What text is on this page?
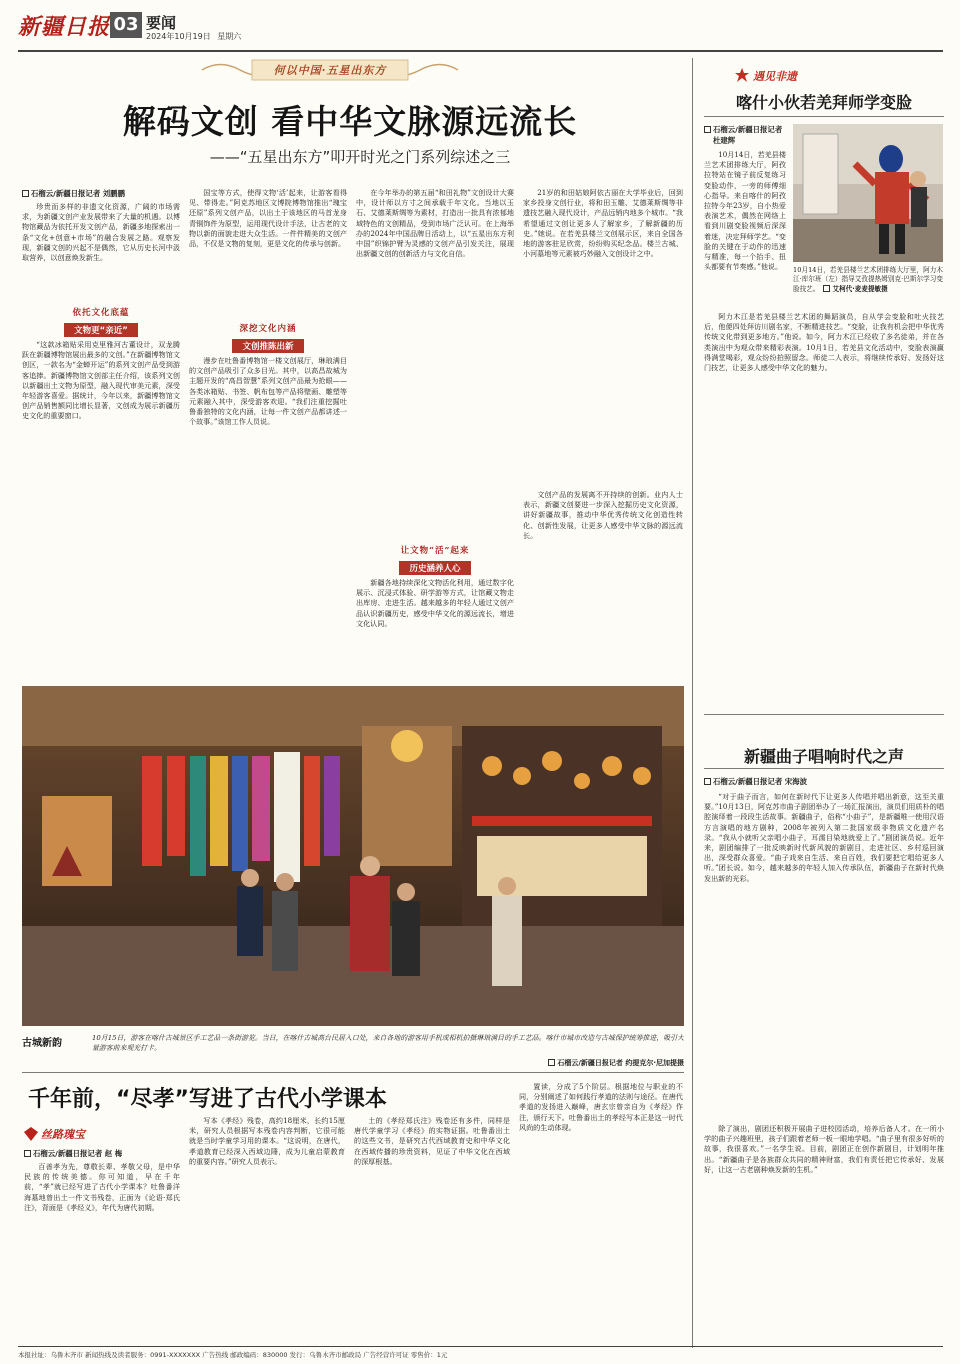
新疆日报 03 要闻
2024年10月19日 星期六
何以中国·五星出东方
解码文创 看中华文脉源远流长
——“五星出东方”叩开时光之门系列综述之三
石榴云/新疆日报记者 刘鹏鹏

珍贵而多样的非遗文化资源，广阔的市场需求，为新疆文创产业发展带来了大量的机遇。以博物馆藏品为依托开发文创产品，新疆多地探索出一条“文化+创意+市场”的融合发展之路。观察发现，新疆文创的兴起不是偶然，它从历史长河中汲取营养，以创意焕发新生。

依托文化底蕴
文物更“亲近”

“这款冰箱贴采用克里雅河古董设计，双龙腾跃在新疆博物馆展出最多的文创。”在新疆博物馆文创区，一款名为“金蝉开运”的系列文创产品受到游客追捧。新疆博物馆文创部主任介绍，该系列文创以新疆出土文物为原型，融入现代审美元素，深受年轻游客喜爱。据统计，今年以来，新疆博物馆文创产品销售额同比增长显著，文创成为展示新疆历史文化的重要窗口。

国宝等方式，使得文物‘活’起来，让游客看得见、带得走。”阿克苏地区文博院博物馆推出“瑰宝还原”系列文创产品，以出土于该地区的马首龙身青铜饰件为原型，运用现代设计手法，让古老的文物以新的面貌走进大众生活。一件件精美的文创产品，不仅是文物的复刻，更是文化的传承与创新。

深挖文化内涵
文创推陈出新

漫步在吐鲁番博物馆一楼文创展厅，琳琅满目的文创产品吸引了众多目光。其中，以高昌故城为主题开发的“高昌智慧”系列文创产品最为抢眼——各类冰箱贴、书签、帆布包等产品将壁画、雕塑等元素融入其中，深受游客欢迎。“我们注重挖掘吐鲁番独特的文化内涵，让每一件文创产品都讲述一个故事。”该馆工作人员说。

在今年举办的第五届“和田礼物”文创设计大赛中，设计师以方寸之间承载千年文化。当地以玉石、艾德莱斯绸等为素材，打造出一批具有浓郁地域特色的文创精品，受到市场广泛认可。在上海举办的2024年中国品牌日活动上，以“五星出东方利中国”织锦护臂为灵感的文创产品引发关注，展现出新疆文创的创新活力与文化自信。

让文物“活”起来
历史涵养人心

新疆各地持续深化文物活化利用，通过数字化展示、沉浸式体验、研学游等方式，让馆藏文物走出库房、走进生活。越来越多的年轻人通过文创产品认识新疆历史，感受中华文化的源远流长，增进文化认同。

21岁的和田姑娘阿依古丽在大学毕业后，回到家乡投身文创行业，将和田玉雕、艾德莱斯绸等非遗技艺融入现代设计，产品远销内地多个城市。“我希望通过文创让更多人了解家乡，了解新疆的历史。”她说。在若羌县楼兰文创展示区，来自全国各地的游客驻足欣赏，纷纷购买纪念品。楼兰古城、小河墓地等元素被巧妙融入文创设计之中。

文创产品的发展离不开持续的创新。业内人士表示，新疆文创要进一步深入挖掘历史文化资源，讲好新疆故事，推动中华优秀传统文化创造性转化、创新性发展，让更多人感受中华文脉的源远流长。

遇见非遗
喀什小伙若羌拜师学变脸
石榴云/新疆日报记者
杜建辉

10月14日，若羌县楼兰艺术团排练大厅，阿孜拉特站在镜子前反复练习变脸动作，一旁的师傅细心指导。来自喀什的阿孜拉特今年23岁，自小热爱表演艺术，偶然在网络上看到川剧变脸视频后深深着迷，决定拜师学艺。“变脸的关键在于动作的迅速与精准，每一个抬手、扭头都要有节奏感。”他说。	10月14日，若羌县楼兰艺术团排练大厅里，阿力木江·库尔班（左）指导艾孜提热姆别克·巴斯尔学习变脸技艺。 艾柯代·麦麦提敏摄

阿力木江是若羌县楼兰艺术团的舞蹈演员，自从学会变脸和吐火技艺后，他便四处拜访川剧名家，不断精进技艺。“变脸，让我有机会把中华优秀传统文化带到更多地方。”他说。如今，阿力木江已经收了多名徒弟，并在各类演出中为观众带来精彩表演。10月1日，若羌县文化活动中，变脸表演赢得满堂喝彩，观众纷纷拍照留念。师徒二人表示，将继续传承好、发扬好这门技艺，让更多人感受中华文化的魅力。

新疆曲子唱响时代之声
石榴云/新疆日报记者 宋海波

“对于曲子而言，如何在新时代下让更多人传唱并唱出新意，这至关重要。”10月13日，阿克苏市曲子剧团举办了一场汇报演出，演员们用质朴的唱腔演绎着一段段生活故事。新疆曲子，俗称“小曲子”，是新疆唯一使用汉语方言演唱的地方剧种，2008年被列入第二批国家级非物质文化遗产名录。“我从小就听父亲唱小曲子，耳濡目染地就爱上了。”剧团演员说。近年来，剧团编排了一批反映新时代新风貌的新剧目，走进社区、乡村巡回演出，深受群众喜爱。“曲子戏来自生活、来自百姓，我们要把它唱给更多人听。”团长说。如今，越来越多的年轻人加入传承队伍，新疆曲子在新时代焕发出新的光彩。

除了演出，剧团还积极开展曲子进校园活动，培养后备人才。在一所小学的曲子兴趣班里，孩子们跟着老师一板一眼地学唱。“曲子里有很多好听的故事，我很喜欢。”一名学生说。目前，剧团正在创作新剧目，计划明年推出。“新疆曲子是各族群众共同的精神财富，我们有责任把它传承好、发展好，让这一古老剧种焕发新的生机。”

古城新韵	10月15日，游客在喀什古城景区手工艺品一条街游览。当日，在喀什古城高台民居入口处，来自各地的游客用手机或相机拍摄琳琅满目的手工艺品。喀什市城市改造与古城保护统筹推进，吸引大量游客前来观光打卡。
石榴云/新疆日报记者 约提克尔·尼加提摄
千年前，“尽孝”写进了古代小学课本
丝路瑰宝
石榴云/新疆日报记者 赵 梅

百善孝为先，尊敬长辈、孝敬父母，是中华民族的传统美德。你可知道，早在千年前，“孝”就已经写进了古代小学课本？吐鲁番洋海墓地曾出土一件文书残卷，正面为《论语·郑氏注》，背面是《孝经义》，年代为唐代初期。

写本《孝经》残卷，高约18厘米，长约15厘米，研究人员根据写本残卷内容判断，它很可能就是当时学童学习用的课本。“这说明，在唐代，孝道教育已经深入西域边陲，成为儿童启蒙教育的重要内容。”研究人员表示。

土的《孝经郑氏注》残卷还有多件，同样是唐代学童学习《孝经》的实物证据。吐鲁番出土的这些文书，是研究古代西域教育史和中华文化在西域传播的珍贵资料，见证了中华文化在西域的深厚根基。

置读，分成了5个阶层。根据地位与职业的不同，分别阐述了如何践行孝道的法则与途径。在唐代孝道的发扬进入巅峰，唐玄宗曾亲自为《孝经》作注，颁行天下。吐鲁番出土的孝经写本正是这一时代风尚的生动体现。

本报社址：乌鲁木齐市 新闻热线及读者服务：0991-XXXXXXX 广告热线 邮政编码：830000 发行：乌鲁木齐市邮政局 广告经营许可证 零售价：1元
